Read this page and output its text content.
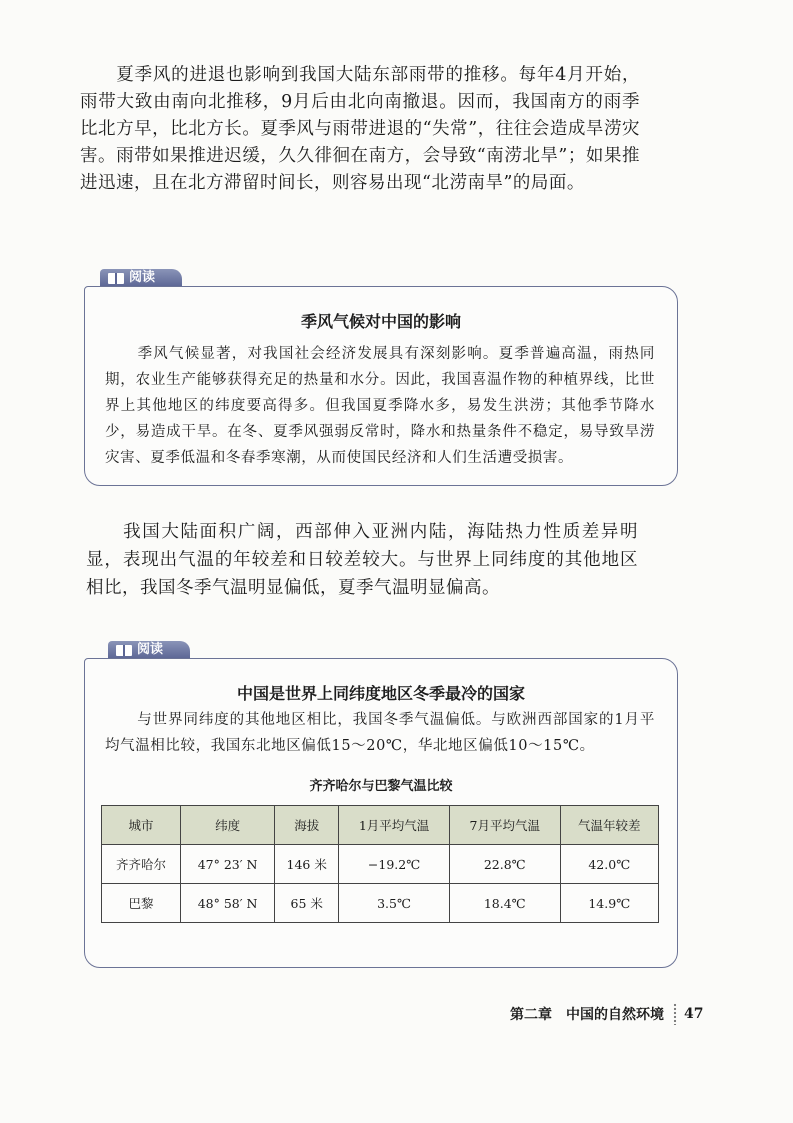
夏季风的进退也影响到我国大陆东部雨带的推移。每年4月开始，雨带大致由南向北推移，9月后由北向南撤退。因而，我国南方的雨季比北方早，比北方长。夏季风与雨带进退的“失常”，往往会造成旱涝灾害。雨带如果推进迟缓，久久徘徊在南方，会导致“南涝北旱”；如果推进迅速，且在北方滞留时间长，则容易出现“北涝南旱”的局面。

阅读
季风气候对中国的影响

季风气候显著，对我国社会经济发展具有深刻影响。夏季普遍高温，雨热同期，农业生产能够获得充足的热量和水分。因此，我国喜温作物的种植界线，比世界上其他地区的纬度要高得多。但我国夏季降水多，易发生洪涝；其他季节降水少，易造成干旱。在冬、夏季风强弱反常时，降水和热量条件不稳定，易导致旱涝灾害、夏季低温和冬春季寒潮，从而使国民经济和人们生活遭受损害。

我国大陆面积广阔，西部伸入亚洲内陆，海陆热力性质差异明显，表现出气温的年较差和日较差较大。与世界上同纬度的其他地区相比，我国冬季气温明显偏低，夏季气温明显偏高。

阅读
中国是世界上同纬度地区冬季最冷的国家

与世界同纬度的其他地区相比，我国冬季气温偏低。与欧洲西部国家的1月平均气温相比较，我国东北地区偏低15～20℃，华北地区偏低10～15℃。

齐齐哈尔与巴黎气温比较
城市	纬度	海拔	1月平均气温	7月平均气温	气温年较差
齐齐哈尔	47° 23′ N	146 米	−19.2℃	22.8℃	42.0℃
巴黎	48° 58′ N	65 米	3.5℃	18.4℃	14.9℃
第二章　中国的自然环境 47
